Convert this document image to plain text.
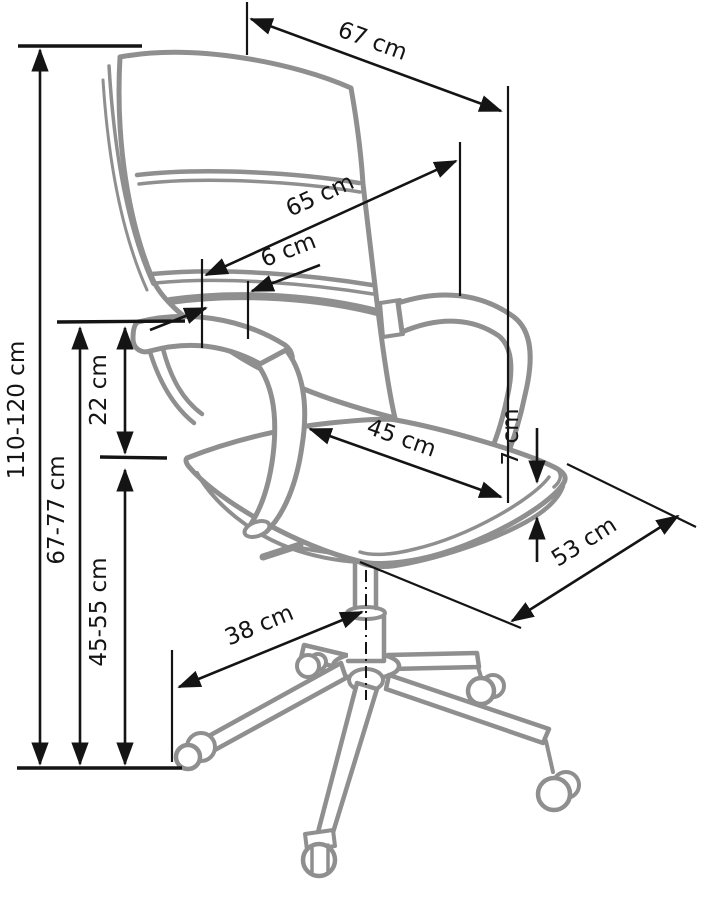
110-120 cm
67-77 cm
22 cm
45-55 cm
67 cm
65 cm
6 cm
45 cm	7 cm
53 cm
38 cm
